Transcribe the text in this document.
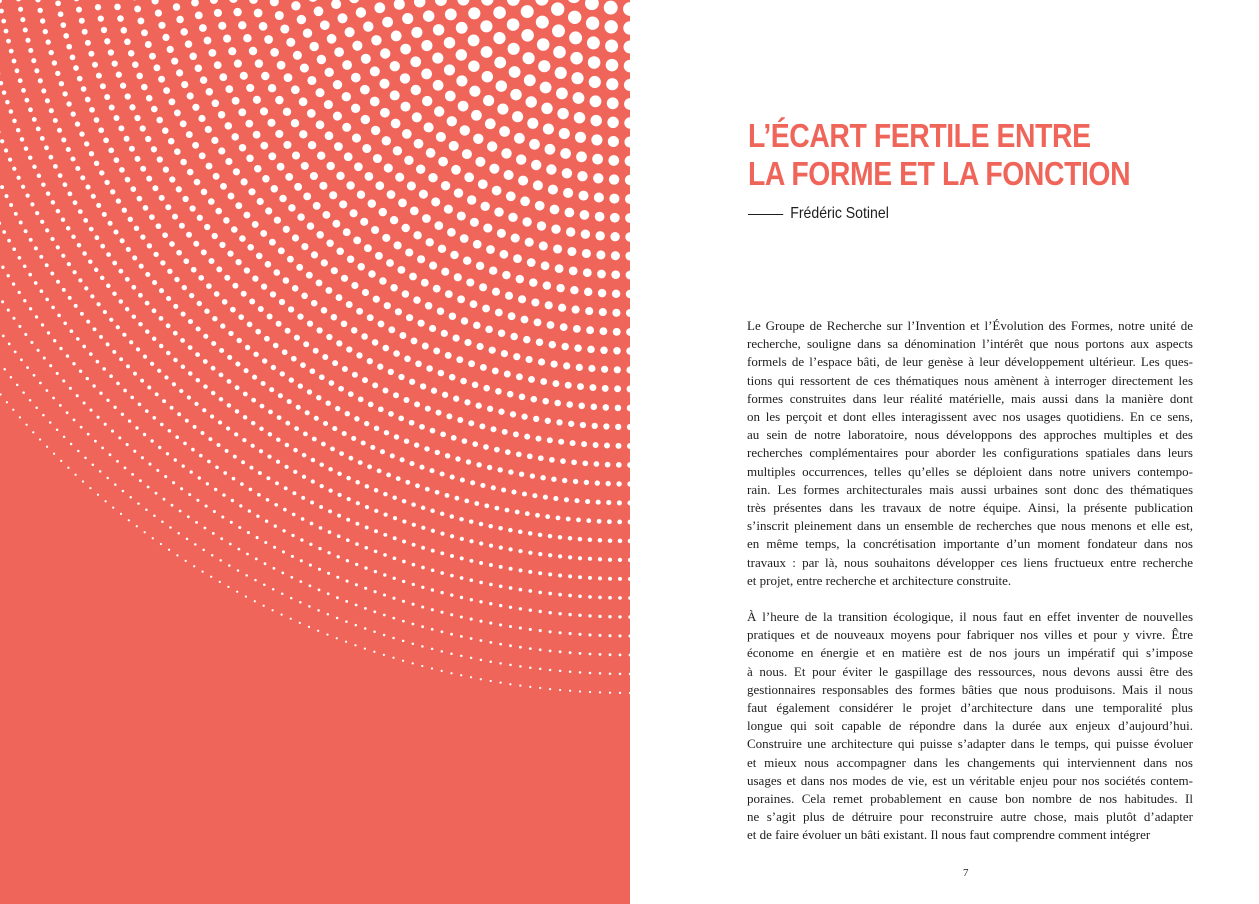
L’ÉCART FERTILE ENTRE
LA FORME ET LA FONCTION
Frédéric Sotinel

Le Groupe de Recherche sur l’Invention et l’Évolution des Formes, notre unité de
recherche, souligne dans sa dénomination l’intérêt que nous portons aux aspects
formels de l’espace bâti, de leur genèse à leur développement ultérieur. Les ques-
tions qui ressortent de ces thématiques nous amènent à interroger directement les
formes construites dans leur réalité matérielle, mais aussi dans la manière dont
on les perçoit et dont elles interagissent avec nos usages quotidiens. En ce sens,
au sein de notre laboratoire, nous développons des approches multiples et des
recherches complémentaires pour aborder les configurations spatiales dans leurs
multiples occurrences, telles qu’elles se déploient dans notre univers contempo-
rain. Les formes architecturales mais aussi urbaines sont donc des thématiques
très présentes dans les travaux de notre équipe. Ainsi, la présente publication
s’inscrit pleinement dans un ensemble de recherches que nous menons et elle est,
en même temps, la concrétisation importante d’un moment fondateur dans nos
travaux : par là, nous souhaitons développer ces liens fructueux entre recherche
et projet, entre recherche et architecture construite.

À l’heure de la transition écologique, il nous faut en effet inventer de nouvelles
pratiques et de nouveaux moyens pour fabriquer nos villes et pour y vivre. Être
économe en énergie et en matière est de nos jours un impératif qui s’impose
à nous. Et pour éviter le gaspillage des ressources, nous devons aussi être des
gestionnaires responsables des formes bâties que nous produisons. Mais il nous
faut également considérer le projet d’architecture dans une temporalité plus
longue qui soit capable de répondre dans la durée aux enjeux d’aujourd’hui.
Construire une architecture qui puisse s’adapter dans le temps, qui puisse évoluer
et mieux nous accompagner dans les changements qui interviennent dans nos
usages et dans nos modes de vie, est un véritable enjeu pour nos sociétés contem-
poraines. Cela remet probablement en cause bon nombre de nos habitudes. Il
ne s’agit plus de détruire pour reconstruire autre chose, mais plutôt d’adapter
et de faire évoluer un bâti existant. Il nous faut comprendre comment intégrer

7
